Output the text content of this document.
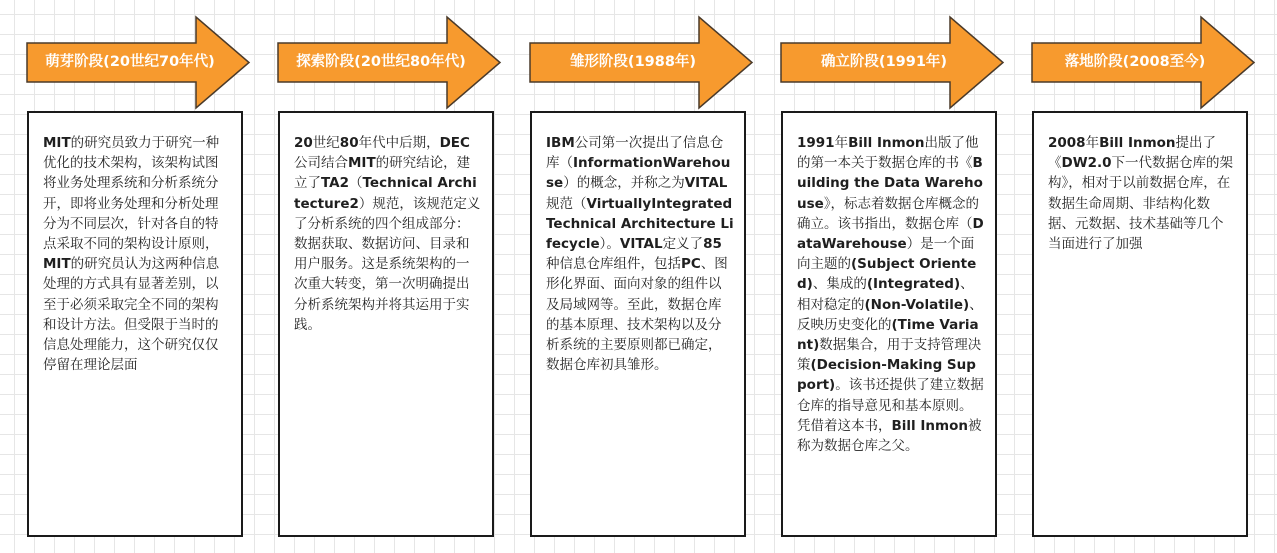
萌芽阶段(20世纪70年代)
MIT的研究员致力于研究一种优化的技术架构，该架构试图将业务处理系统和分析系统分开，即将业务处理和分析处理分为不同层次，针对各自的特点采取不同的架构设计原则，MIT的研究员认为这两种信息处理的方式具有显著差别，以至于必须采取完全不同的架构和设计方法。但受限于当时的信息处理能力，这个研究仅仅停留在理论层面
探索阶段(20世纪80年代)
20世纪80年代中后期，DEC公司结合MIT的研究结论，建立了TA2（Technical Architecture2）规范，该规范定义了分析系统的四个组成部分：数据获取、数据访问、目录和用户服务。这是系统架构的一次重大转变，第一次明确提出分析系统架构并将其运用于实践。
雏形阶段(1988年)
IBM公司第一次提出了信息仓库（InformationWarehouse）的概念，并称之为VITAL规范（VirtuallyIntegrated Technical Architecture Lifecycle）。VITAL定义了85种信息仓库组件，包括PC、图形化界面、面向对象的组件以及局域网等。至此，数据仓库的基本原理、技术架构以及分析系统的主要原则都已确定，数据仓库初具雏形。
确立阶段(1991年)
1991年Bill Inmon出版了他的第一本关于数据仓库的书《Building the Data Warehouse》，标志着数据仓库概念的确立。该书指出，数据仓库（DataWarehouse）是一个面向主题的(Subject Oriented)、集成的(Integrated)、相对稳定的(Non-Volatile)、反映历史变化的(Time Variant)数据集合，用于支持管理决策(Decision-Making Support)。该书还提供了建立数据仓库的指导意见和基本原则。凭借着这本书，Bill Inmon被称为数据仓库之父。
落地阶段(2008至今)
2008年Bill Inmon提出了《DW2.0下一代数据仓库的架构》，相对于以前数据仓库，在数据生命周期、非结构化数据、元数据、技术基础等几个当面进行了加强
